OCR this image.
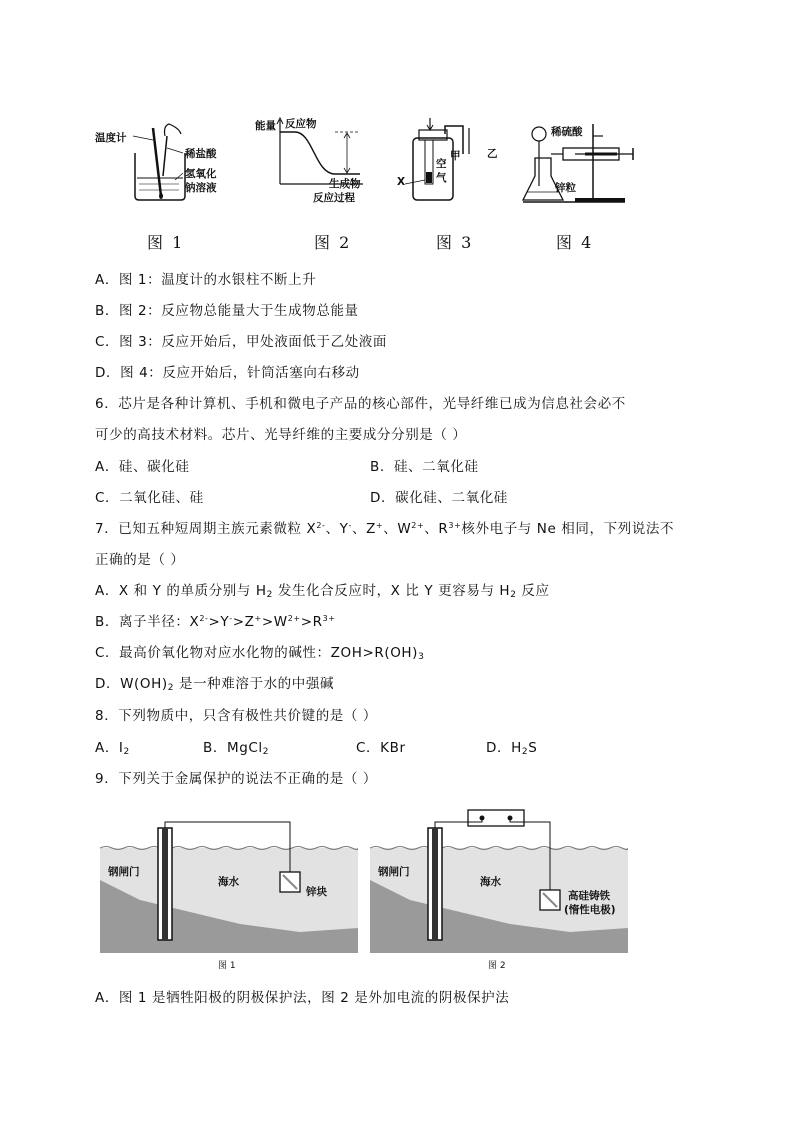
温度计
稀盐酸
氢氧化
钠溶液
图 1
能量 反应物
生成物
反应过程
图 2
甲	乙
空
气
X
图 3
稀硫酸
锌粒
图 4
A．图 1：温度计的水银柱不断上升
B．图 2：反应物总能量大于生成物总能量
C．图 3：反应开始后，甲处液面低于乙处液面
D．图 4：反应开始后，针筒活塞向右移动
6．芯片是各种计算机、手机和微电子产品的核心部件，光导纤维已成为信息社会必不
可少的高技术材料。芯片、光导纤维的主要成分分别是（ ）
A．硅、碳化硅	B．硅、二氧化硅
C．二氧化硅、硅	D．碳化硅、二氧化硅
7．已知五种短周期主族元素微粒 $X^{2-}$、Y-、Z+、$W^{2+}$、$R^{3+}$核外电子与 Ne 相同，下列说法不
正确的是（ ）
A．X 和 Y 的单质分别与 $H_2$ 发生化合反应时，X 比 Y 更容易与 $H_2$ 反应
B．离子半径：$X^{2-}>Y^->Z^+>W^{2+}>R^{3+}$
C．最高价氧化物对应水化物的碱性：$ZOH>R(OH)_3$
D．$W(OH)_2$ 是一种难溶于水的中强碱
8．下列物质中，只含有极性共价键的是（ ）
A．$I_2$	B．MgCl$_2$	C．KBr	D．$H_2S$
9．下列关于金属保护的说法不正确的是（ ）
钢闸门
海水
锌块
图 1
钢闸门
海水
高硅铸铁
(惰性电极)
图 2
A．图 1 是牺牲阳极的阴极保护法，图 2 是外加电流的阴极保护法
